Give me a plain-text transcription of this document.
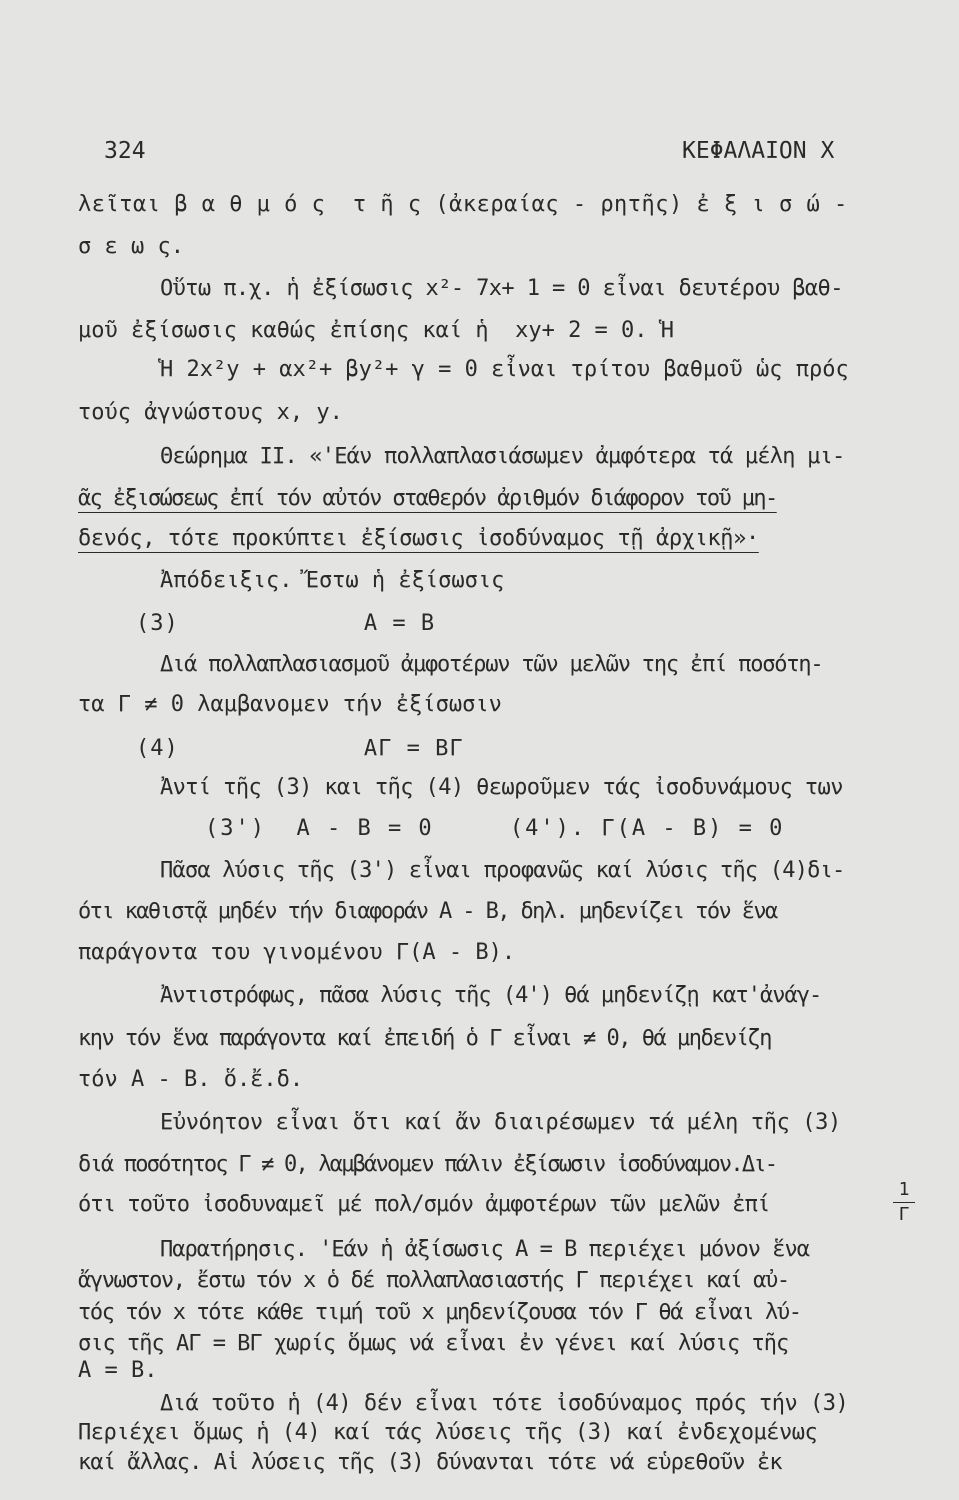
324	ΚΕΦΑΛΑΙΟΝ Χ
λεῖται β α θ μ ό ς  τ ῆ ς (ἀκεραίας - ρητῆς) ἐ ξ ι σ ώ -
σ ε ω ς.
Οὕτω π.χ. ἡ ἐξίσωσις x²- 7x+ 1 = 0 εἶναι δευτέρου βαθ-
μοῦ ἐξίσωσις καθώς ἐπίσης καί ἡ  xy+ 2 = 0. Ἡ
Ἡ 2x²y + αx²+ βy²+ γ = 0 εἶναι τρίτου βαθμοῦ ὡς πρός
τούς ἀγνώστους x, y.
Θεώρημα ΙΙ. «'Εάν πολλαπλασιάσωμεν ἀμφότερα τά μέλη μι-
ᾶς ἐξισώσεως ἐπί τόν αὐτόν σταθερόν ἀριθμόν διάφορον τοῦ μη-
δενός, τότε προκύπτει ἐξίσωσις ἰσοδύναμος τῇ ἀρχικῇ»·
Ἀπόδειξις. Ἔστω ἡ ἐξίσωσις
(3)             A = B
Διά πολλαπλασιασμοῦ ἀμφοτέρων τῶν μελῶν της ἐπί ποσότη-
τα Γ ≠ 0 λαμβανομεν τήν ἐξίσωσιν
(4)             ΑΓ = ΒΓ
Ἀντί τῆς (3) και τῆς (4) θεωροῦμεν τάς ἰσοδυνάμους των
(3')  A - B = 0     (4'). Γ(A - B) = 0
Πᾶσα λύσις τῆς (3') εἶναι προφανῶς καί λύσις τῆς (4)δι-
ότι καθιστᾷ μηδέν τήν διαφοράν A - B, δηλ. μηδενίζει τόν ἕνα
παράγοντα του γινομένου Γ(A - B).
Ἀντιστρόφως, πᾶσα λύσις τῆς (4') θά μηδενίζῃ κατ'ἀνάγ-
κην τόν ἕνα παράγοντα καί ἐπειδή ὁ Γ εἶναι ≠ 0, θά μηδενίζη
τόν A - B. ὅ.ἔ.δ.
Εὐνόητον εἶναι ὅτι καί ἄν διαιρέσωμεν τά μέλη τῆς (3)
διά ποσότητος Γ ≠ 0, λαμβάνομεν πάλιν ἐξίσωσιν ἰσοδύναμον.Δι-
ότι τοῦτο ἰσοδυναμεῖ μέ πολ/σμόν ἀμφοτέρων τῶν μελῶν ἐπί
1
Γ
Παρατήρησις. 'Εάν ἡ ἀξίσωσις A = B περιέχει μόνον ἕνα
ἄγνωστον, ἔστω τόν x ὁ δέ πολλαπλασιαστής Γ περιέχει καί αὐ-
τός τόν x τότε κάθε τιμή τοῦ x μηδενίζουσα τόν Γ θά εἶναι λύ-
σις τῆς ΑΓ = ΒΓ χωρίς ὅμως νά εἶναι ἐν γένει καί λύσις τῆς
A = B.
Διά τοῦτο ἡ (4) δέν εἶναι τότε ἰσοδύναμος πρός τήν (3)
Περιέχει ὅμως ἡ (4) καί τάς λύσεις τῆς (3) καί ἐνδεχομένως
καί ἄλλας. Αἱ λύσεις τῆς (3) δύνανται τότε νά εὑρεθοῦν ἐκ
